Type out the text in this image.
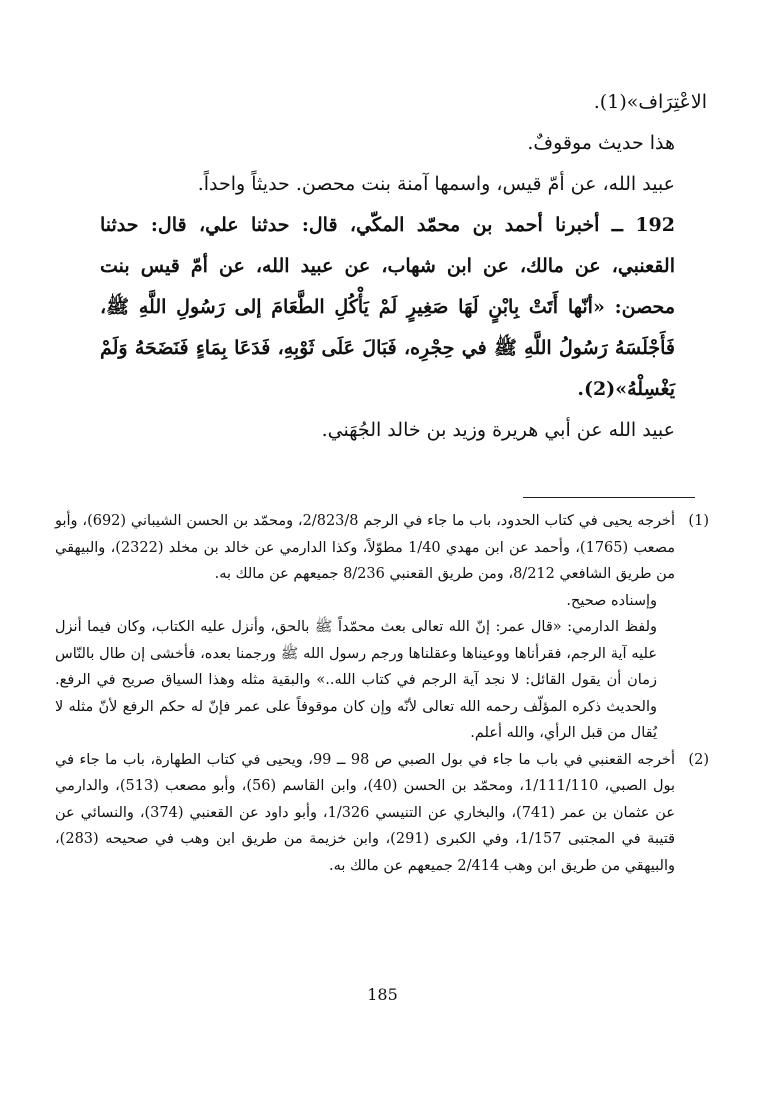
الاعْتِرَاف»(1).

هذا حديث موقوفٌ.

عبيد الله، عن أمّ قيس، واسمها آمنة بنت محصن. حديثاً واحداً.

192 ــ أخبرنا أحمد بن محمّد المكّي، قال: حدثنا علي، قال: حدثنا القعنبي، عن مالك، عن ابن شهاب، عن عبيد الله، عن أمّ قيس بنت محصن: «أنّها أَتَتْ بِابْنٍ لَهَا صَغِيرٍ لَمْ يَأْكُلِ الطَّعَامَ إلى رَسُولِ اللَّهِ ﷺ، فَأَجْلَسَهُ رَسُولُ اللَّهِ ﷺ في حِجْرِه، فَبَالَ عَلَى ثَوْبِهِ، فَدَعَا بِمَاءٍ فَنَضَحَهُ وَلَمْ يَغْسِلْهُ»(2).

عبيد الله عن أبي هريرة وزيد بن خالد الجُهَني.

(1)

أخرجه يحيى في كتاب الحدود، باب ما جاء في الرجم 2/823/8، ومحمّد بن الحسن الشيباني (692)، وأبو مصعب (1765)، وأحمد عن ابن مهدي 1/40 مطوّلاً، وكذا الدارمي عن خالد بن مخلد (2322)، والبيهقي من طريق الشافعي 8/212، ومن طريق القعنبي 8/236 جميعهم عن مالك به.

وإسناده صحيح.

ولفظ الدارمي: «قال عمر: إنّ الله تعالى بعث محمّداً ﷺ بالحق، وأنزل عليه الكتاب، وكان فيما أنزل عليه آية الرجم، فقرأناها ووعيناها وعقلناها ورجم رسول الله ﷺ ورجمنا بعده، فأخشى إن طال بالنّاس زمان أن يقول القائل: لا نجد آية الرجم في كتاب الله..» والبقية مثله وهذا السياق صريح في الرفع. والحديث ذكره المؤلّف رحمه الله تعالى لأنّه وإن كان موقوفاً على عمر فإنّ له حكم الرفع لأنّ مثله لا يُقال من قبل الرأي، والله أعلم.

(2)

أخرجه القعنبي في باب ما جاء في بول الصبي ص 98 ــ 99، ويحيى في كتاب الطهارة، باب ما جاء في بول الصبي، 1/111/110، ومحمّد بن الحسن (40)، وابن القاسم (56)، وأبو مصعب (513)، والدارمي عن عثمان بن عمر (741)، والبخاري عن التنيسي 1/326، وأبو داود عن القعنبي (374)، والنسائي عن قتيبة في المجتبى 1/157، وفي الكبرى (291)، وابن خزيمة من طريق ابن وهب في صحيحه (283)، والبيهقي من طريق ابن وهب 2/414 جميعهم عن مالك به.

185
